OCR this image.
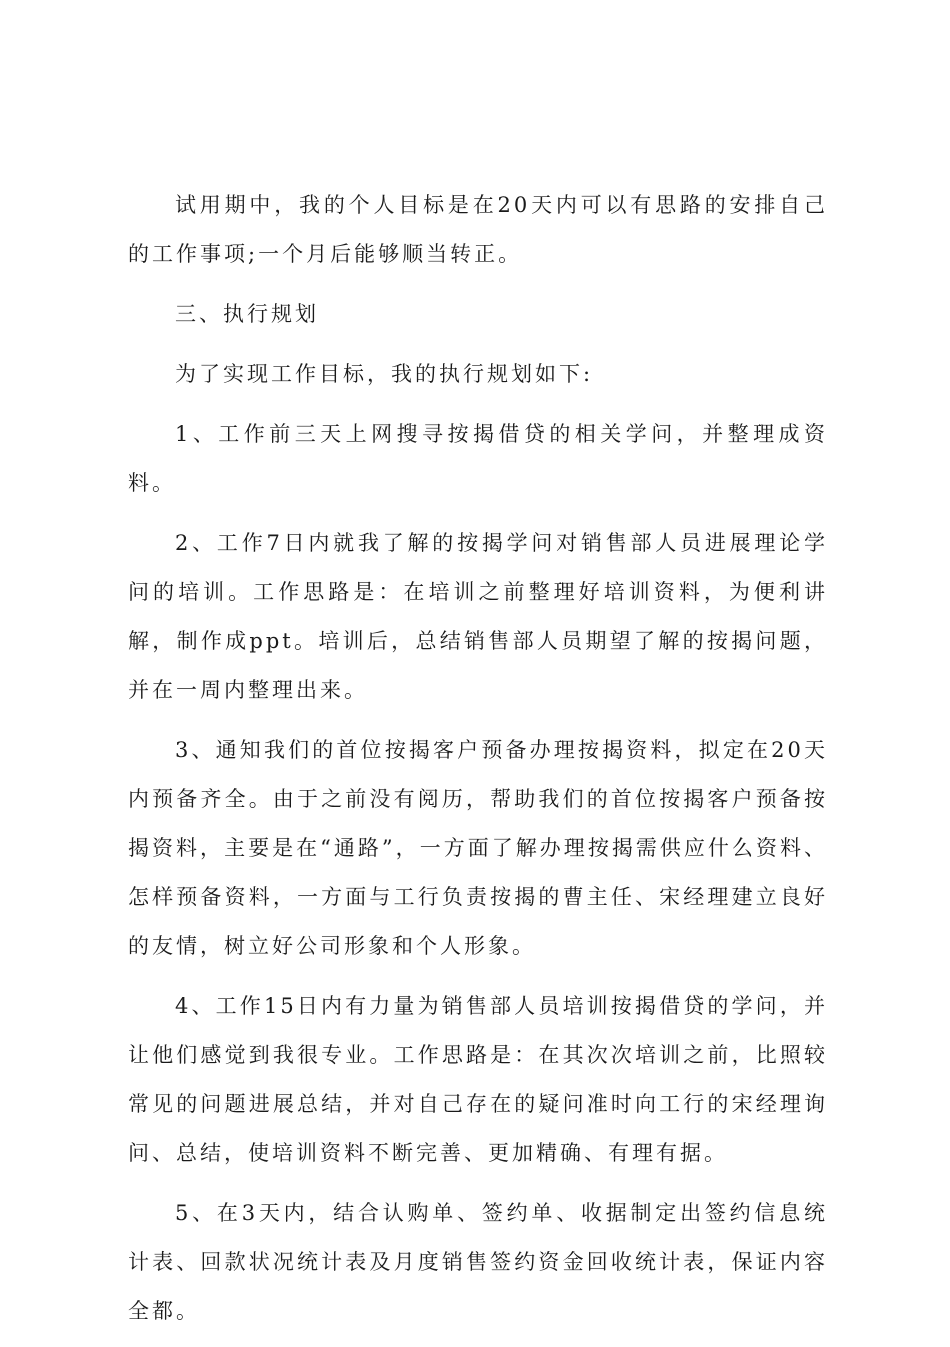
试用期中，我的个人目标是在20天内可以有思路的安排自己的工作事项;一个月后能够顺当转正。

三、执行规划

为了实现工作目标，我的执行规划如下:

1、工作前三天上网搜寻按揭借贷的相关学问，并整理成资料。

2、工作7日内就我了解的按揭学问对销售部人员进展理论学问的培训。工作思路是：在培训之前整理好培训资料，为便利讲解，制作成ppt。培训后，总结销售部人员期望了解的按揭问题，并在一周内整理出来。

3、通知我们的首位按揭客户预备办理按揭资料，拟定在20天内预备齐全。由于之前没有阅历，帮助我们的首位按揭客户预备按揭资料，主要是在“通路”，一方面了解办理按揭需供应什么资料、怎样预备资料，一方面与工行负责按揭的曹主任、宋经理建立良好的友情，树立好公司形象和个人形象。

4、工作15日内有力量为销售部人员培训按揭借贷的学问，并让他们感觉到我很专业。工作思路是：在其次次培训之前，比照较常见的问题进展总结，并对自己存在的疑问准时向工行的宋经理询问、总结，使培训资料不断完善、更加精确、有理有据。

5、在3天内，结合认购单、签约单、收据制定出签约信息统计表、回款状况统计表及月度销售签约资金回收统计表，保证内容全都。
